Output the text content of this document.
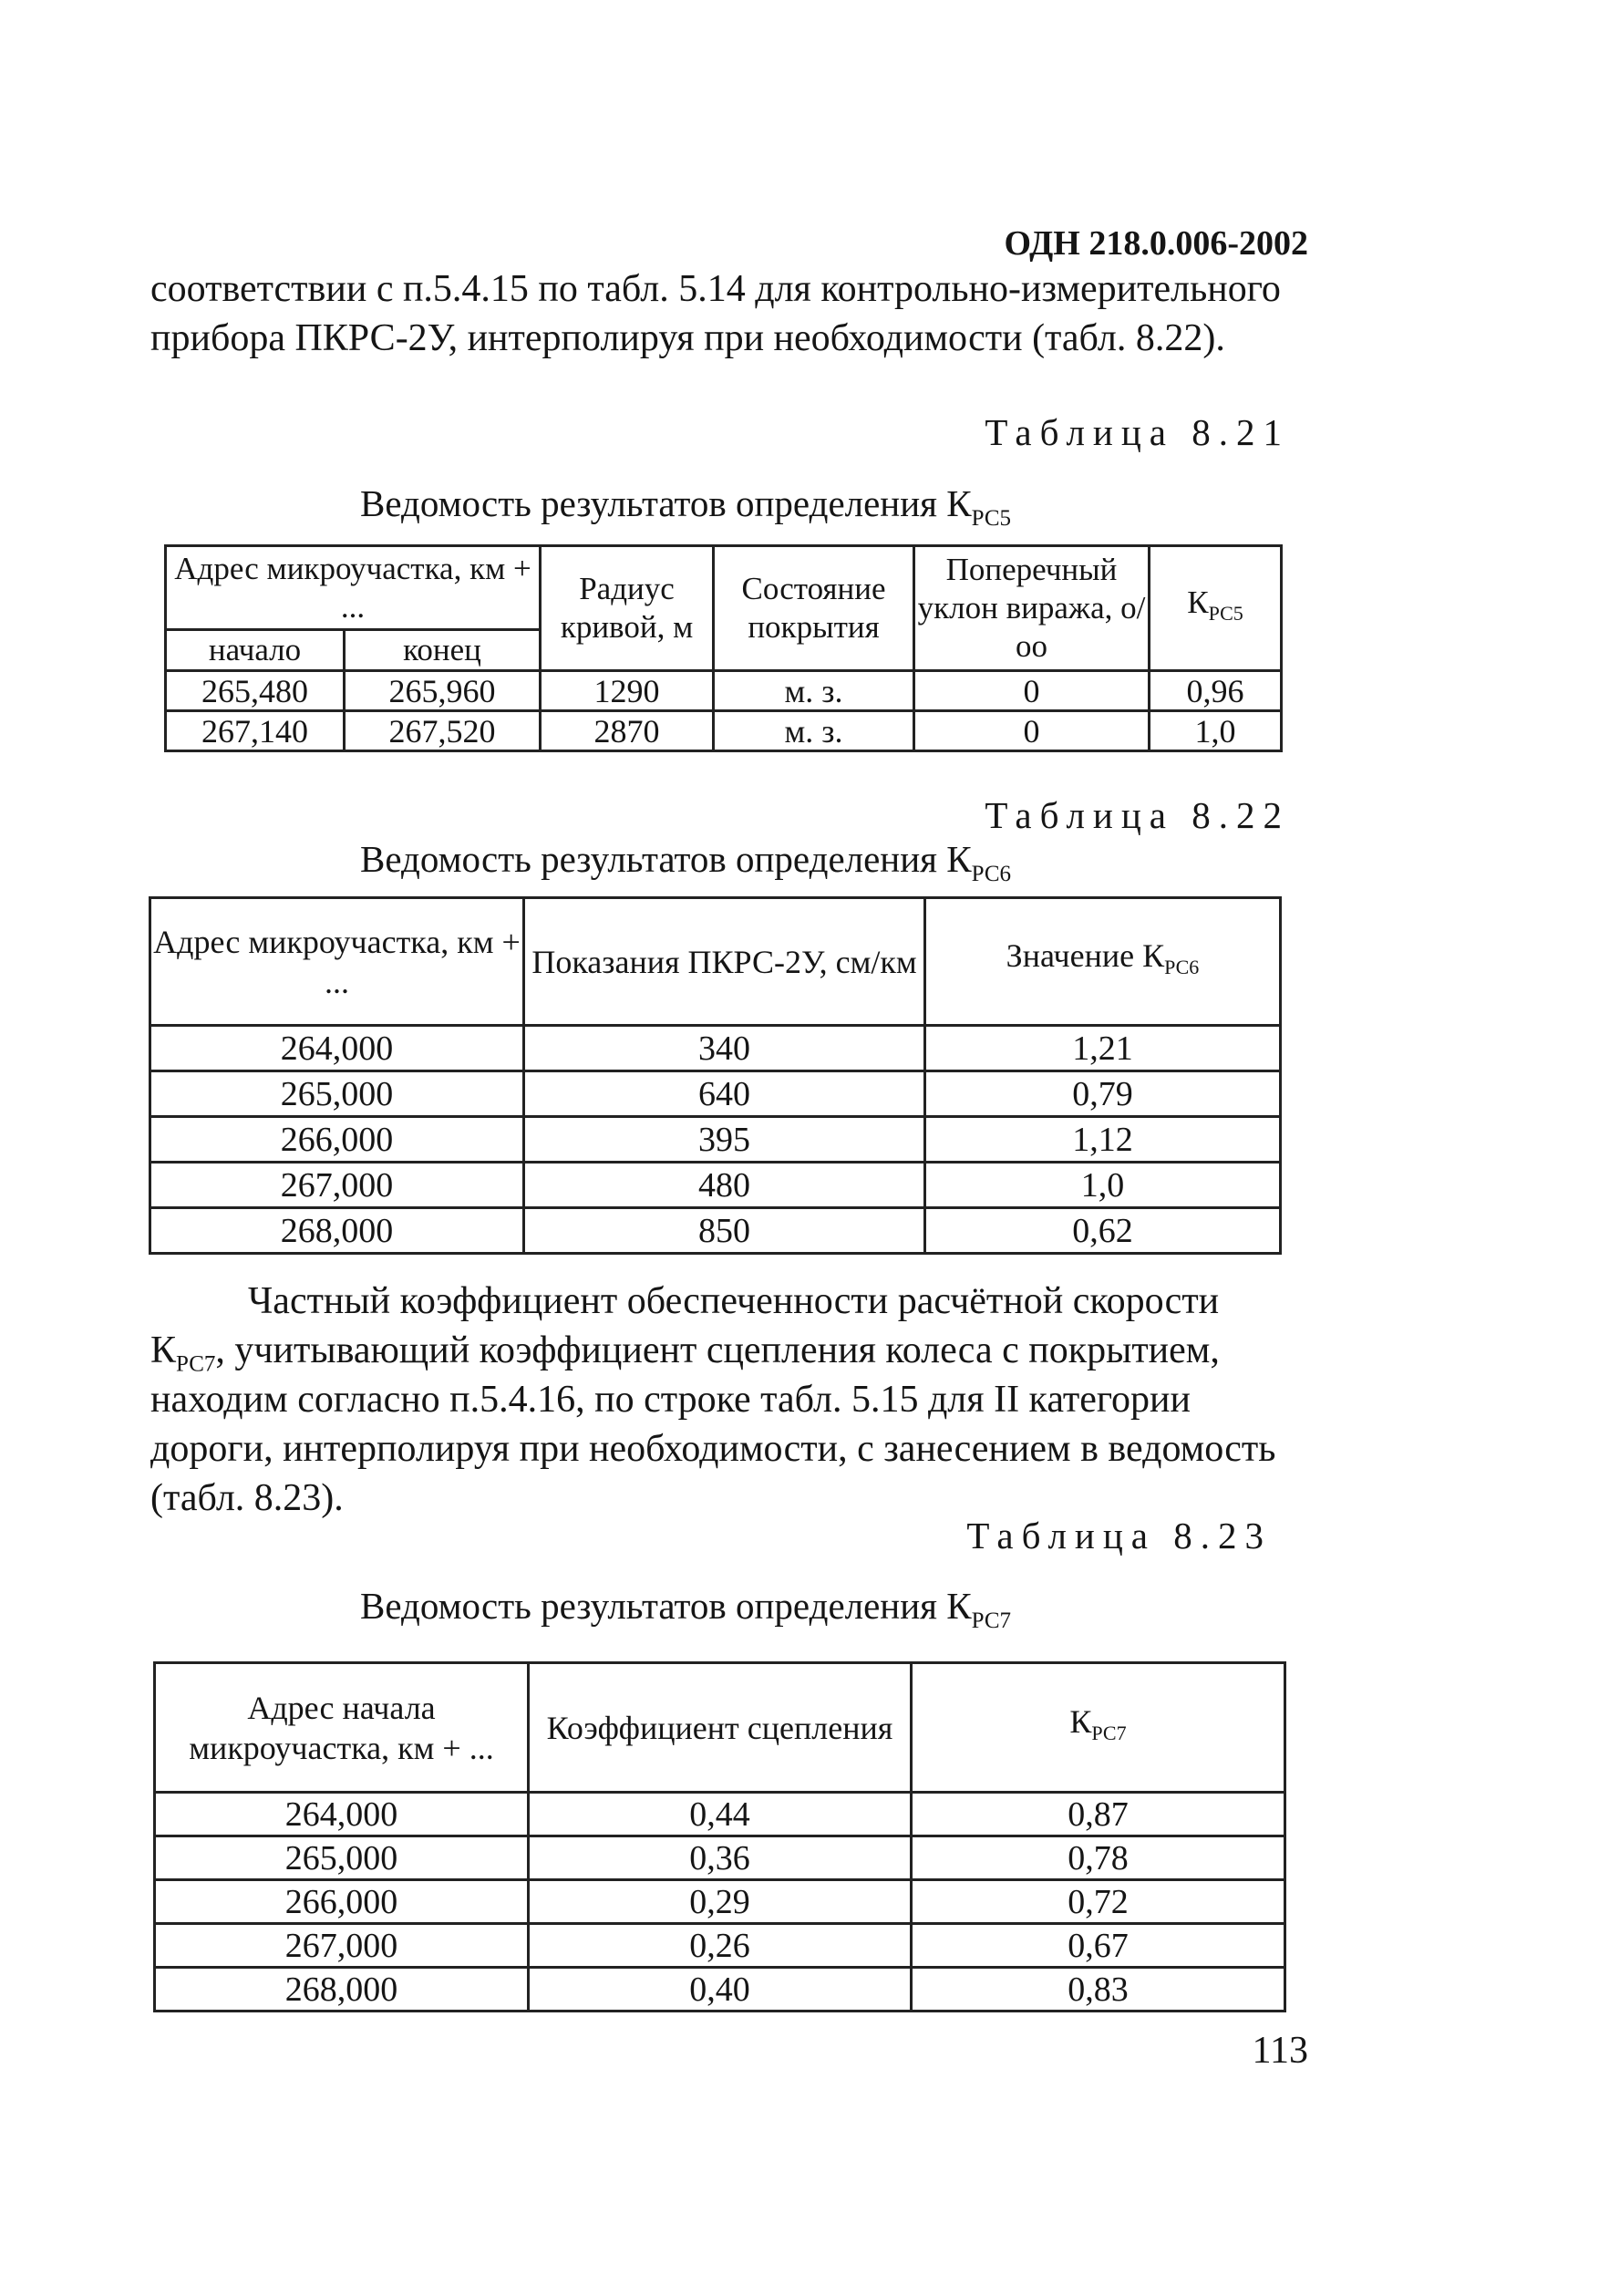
ОДН 218.0.006-2002
соответствии с п.5.4.15 по табл. 5.14 для контрольно-измерительного
прибора ПКРС-2У, интерполируя при необходимости (табл. 8.22).
Таблица 8.21
Ведомость результатов определения $К_{РС5}$
Адрес микроучастка, км + ...		Радиус кривой, м	Состояние покрытия	Поперечный уклон виража, о/оо	$К_{РС5}$
начало	конец				
265,480	265,960	1290	м. з.	0	0,96
267,140	267,520	2870	м. з.	0	1,0
Таблица 8.22
Ведомость результатов определения $К_{РС6}$
Адрес микроучастка, км + ...	Показания ПКРС-2У, см/км	Значение $К_{РС6}$
264,000	340	1,21
265,000	640	0,79
266,000	395	1,12
267,000	480	1,0
268,000	850	0,62
Частный коэффициент обеспеченности расчётной скорости
$К_{РС7}$, учитывающий коэффициент сцепления колеса с покрытием,
находим согласно п.5.4.16, по строке табл. 5.15 для II категории
дороги, интерполируя при необходимости, с занесением в ведомость
(табл. 8.23).
Таблица 8.23
Ведомость результатов определения $К_{РС7}$
Адрес начала микроучастка, км + ...	Коэффициент сцепления	$К_{РС7}$
264,000	0,44	0,87
265,000	0,36	0,78
266,000	0,29	0,72
267,000	0,26	0,67
268,000	0,40	0,83
113
